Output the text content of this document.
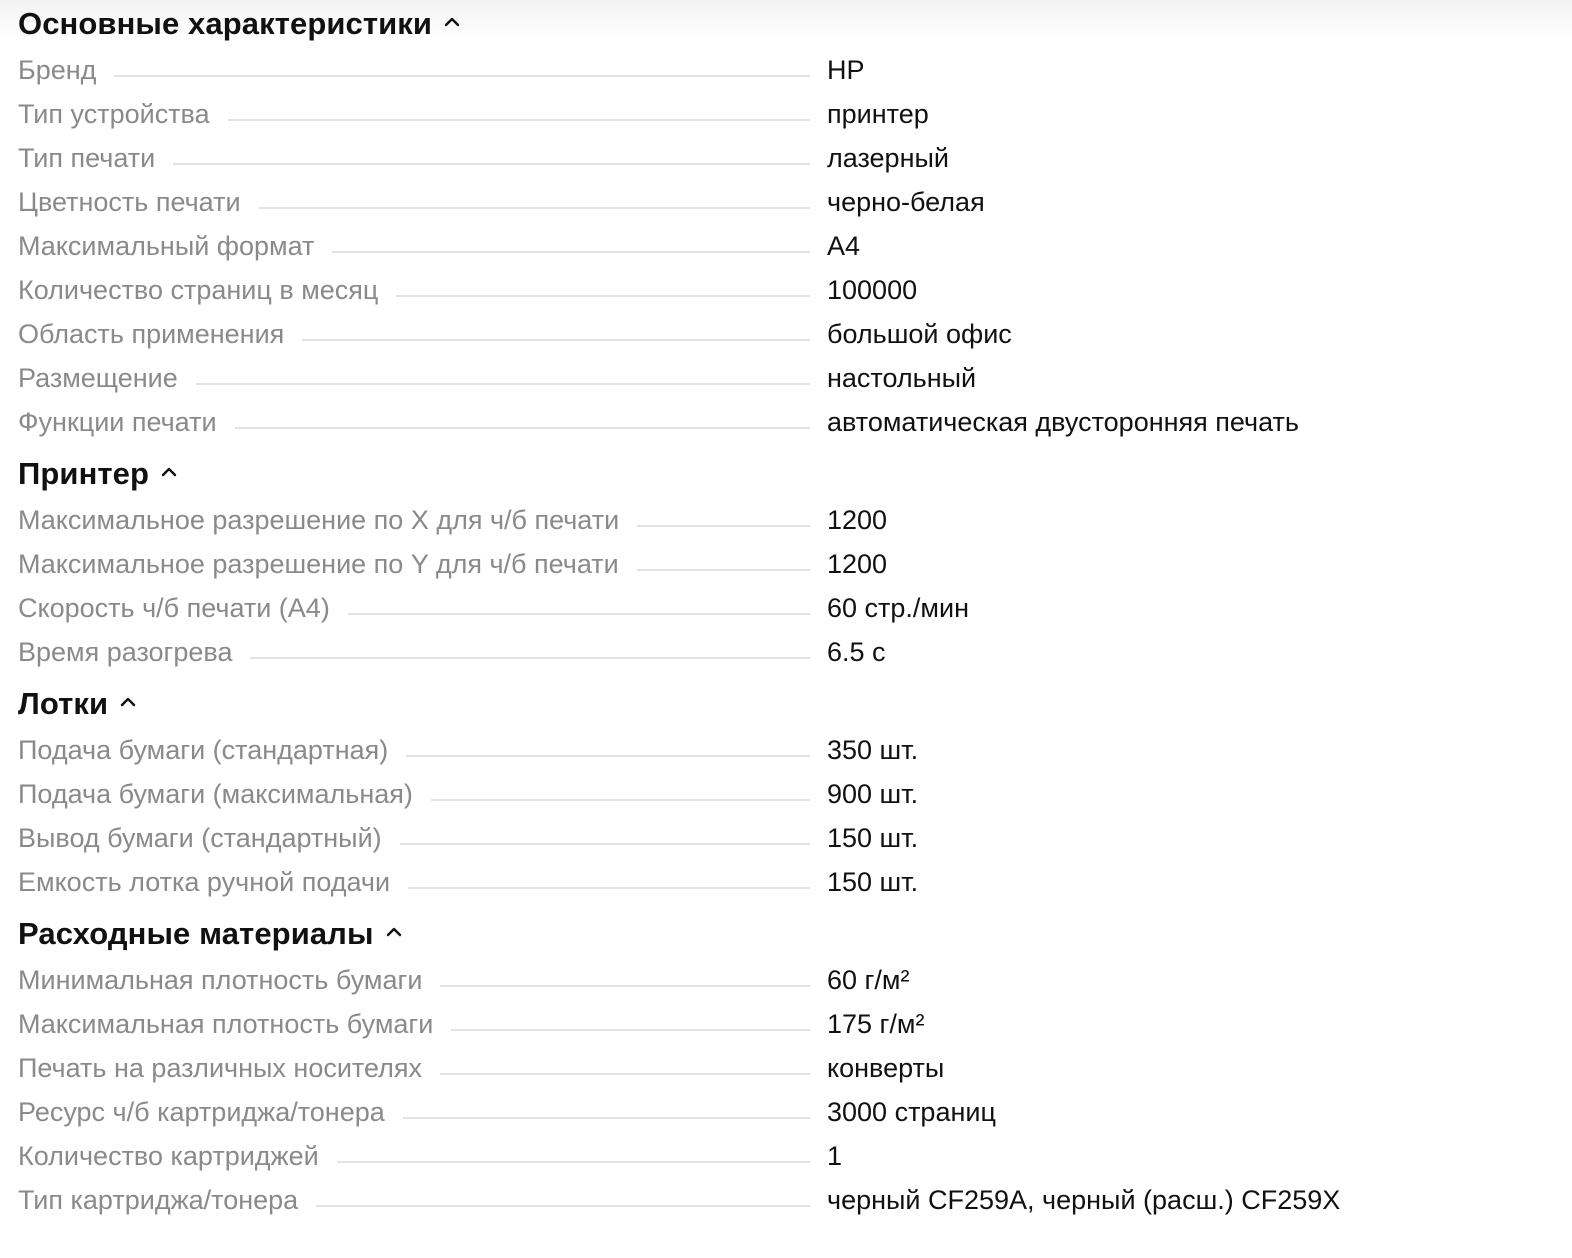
Основные характеристики
Бренд	HP
Тип устройства	принтер
Тип печати	лазерный
Цветность печати	черно-белая
Максимальный формат	A4
Количество страниц в месяц	100000
Область применения	большой офис
Размещение	настольный
Функции печати	автоматическая двусторонняя печать
Принтер
Максимальное разрешение по X для ч/б печати	1200
Максимальное разрешение по Y для ч/б печати	1200
Скорость ч/б печати (A4)	60 стр./мин
Время разогрева	6.5 с
Лотки
Подача бумаги (стандартная)	350 шт.
Подача бумаги (максимальная)	900 шт.
Вывод бумаги (стандартный)	150 шт.
Емкость лотка ручной подачи	150 шт.
Расходные материалы
Минимальная плотность бумаги	60 г/м²
Максимальная плотность бумаги	175 г/м²
Печать на различных носителях	конверты
Ресурс ч/б картриджа/тонера	3000 страниц
Количество картриджей	1
Тип картриджа/тонера	черный CF259A, черный (расш.) CF259X
